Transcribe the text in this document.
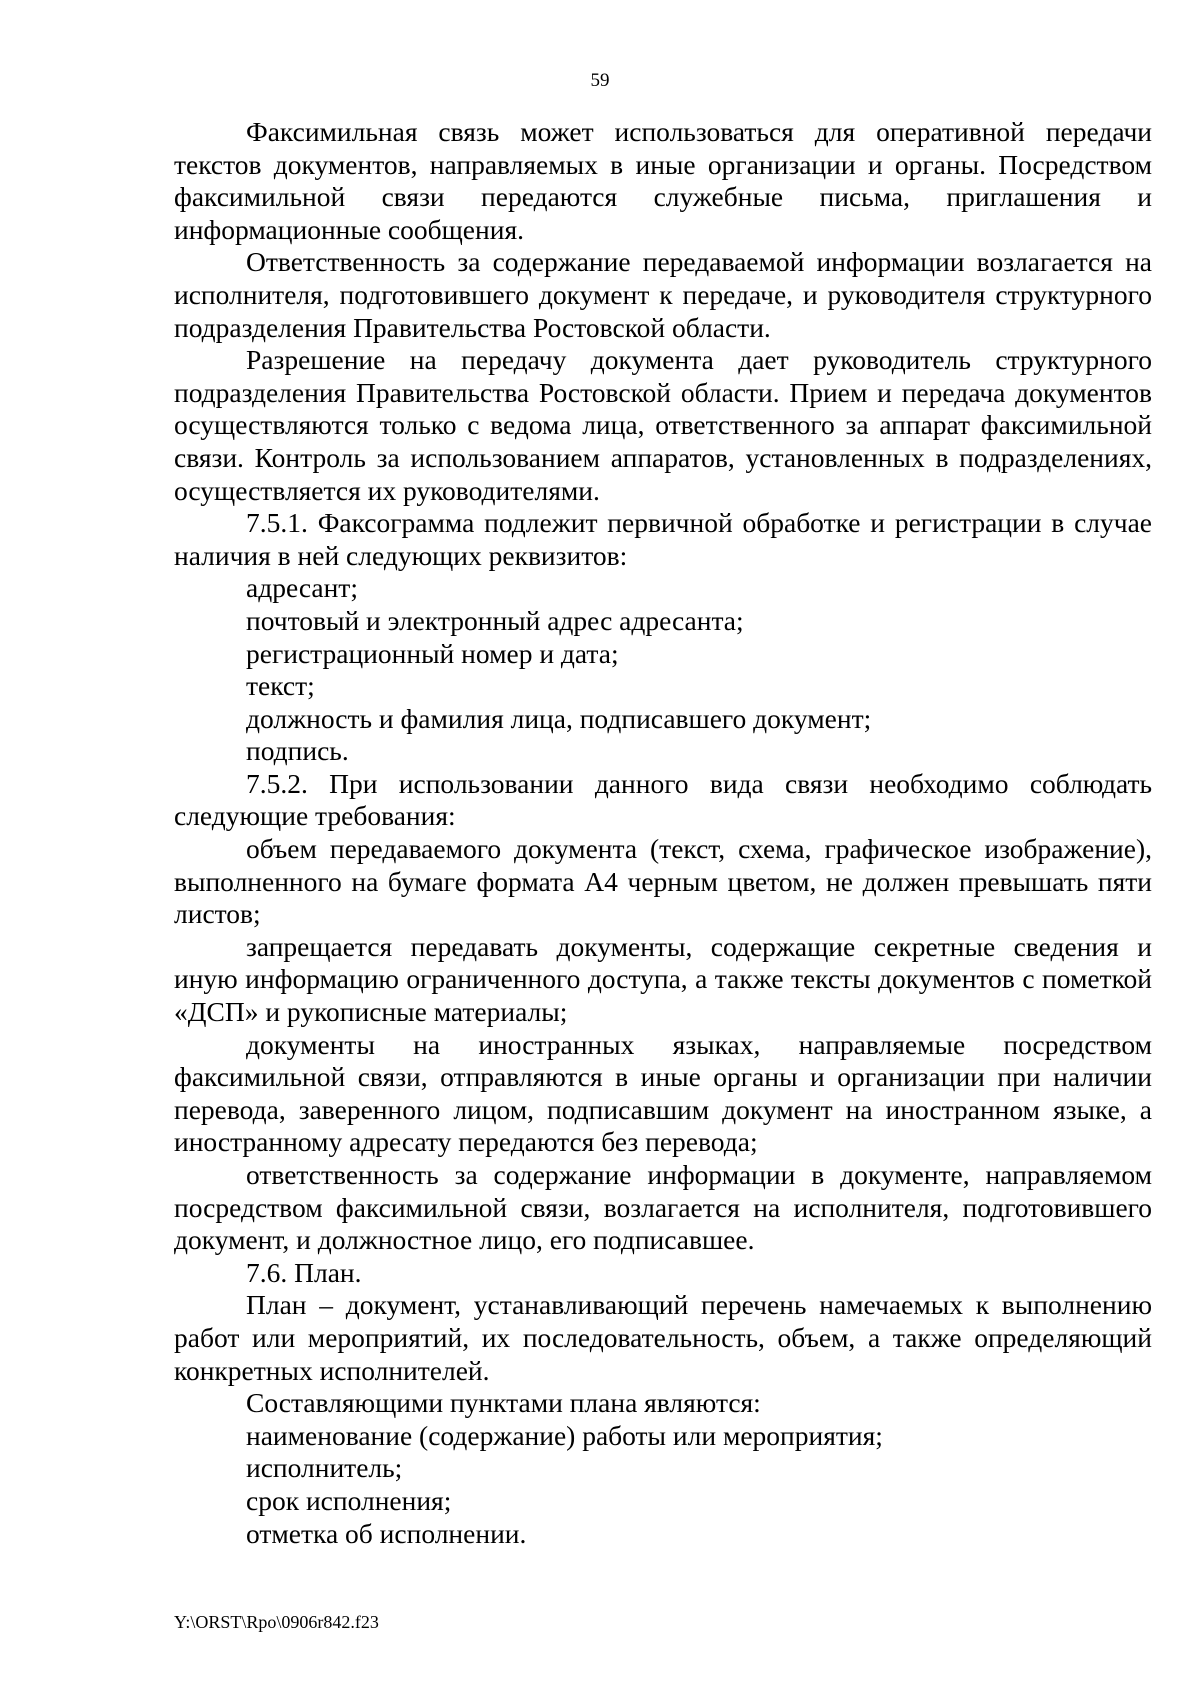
59

Факсимильная связь может использоваться для оперативной передачи текстов документов, направляемых в иные организации и органы. Посредством факсимильной связи передаются служебные письма, приглашения и информационные сообщения.

Ответственность за содержание передаваемой информации возлагается на исполнителя, подготовившего документ к передаче, и руководителя структурного подразделения Правительства Ростовской области.

Разрешение на передачу документа дает руководитель структурного подразделения Правительства Ростовской области. Прием и передача документов осуществляются только с ведома лица, ответственного за аппарат факсимильной связи. Контроль за использованием аппаратов, установленных в подразделениях, осуществляется их руководителями.

7.5.1. Факсограмма подлежит первичной обработке и регистрации в случае наличия в ней следующих реквизитов:

адресант;

почтовый и электронный адрес адресанта;

регистрационный номер и дата;

текст;

должность и фамилия лица, подписавшего документ;

подпись.

7.5.2. При использовании данного вида связи необходимо соблюдать следующие требования:

объем передаваемого документа (текст, схема, графическое изображение), выполненного на бумаге формата А4 черным цветом, не должен превышать пяти листов;

запрещается передавать документы, содержащие секретные сведения и иную информацию ограниченного доступа, а также тексты документов с пометкой «ДСП» и рукописные материалы;

документы на иностранных языках, направляемые посредством факсимильной связи, отправляются в иные органы и организации при наличии перевода, заверенного лицом, подписавшим документ на иностранном языке, а иностранному адресату передаются без перевода;

ответственность за содержание информации в документе, направляемом посредством факсимильной связи, возлагается на исполнителя, подготовившего документ, и должностное лицо, его подписавшее.

7.6. План.

План – документ, устанавливающий перечень намечаемых к выполнению работ или мероприятий, их последовательность, объем, а также определяющий конкретных исполнителей.

Составляющими пунктами плана являются:

наименование (содержание) работы или мероприятия;

исполнитель;

срок исполнения;

отметка об исполнении.

Y:\ORST\Rpo\0906r842.f23
